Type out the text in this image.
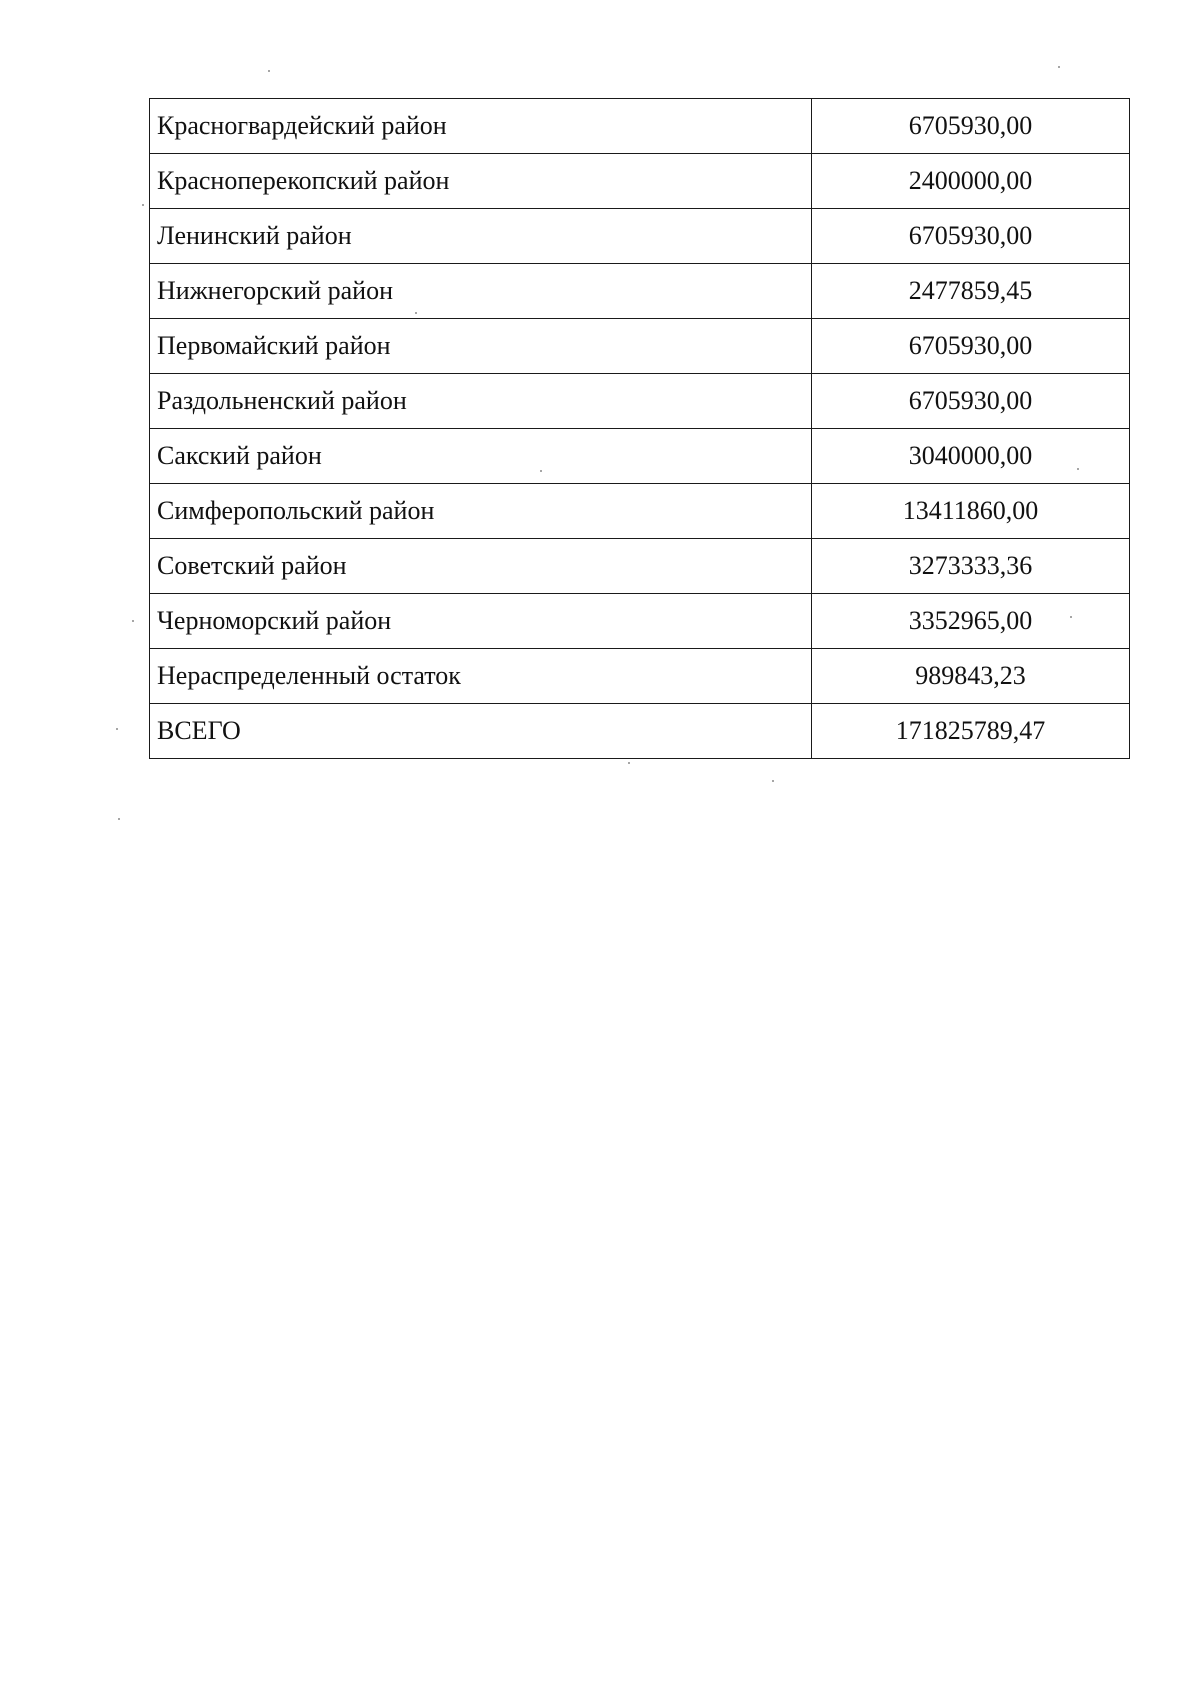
Красногвардейский район	6705930,00
Красноперекопский район	2400000,00
Ленинский район	6705930,00
Нижнегорский район	2477859,45
Первомайский район	6705930,00
Раздольненский район	6705930,00
Сакский район	3040000,00
Симферопольский район	13411860,00
Советский район	3273333,36
Черноморский район	3352965,00
Нераспределенный остаток	989843,23
ВСЕГО	171825789,47
